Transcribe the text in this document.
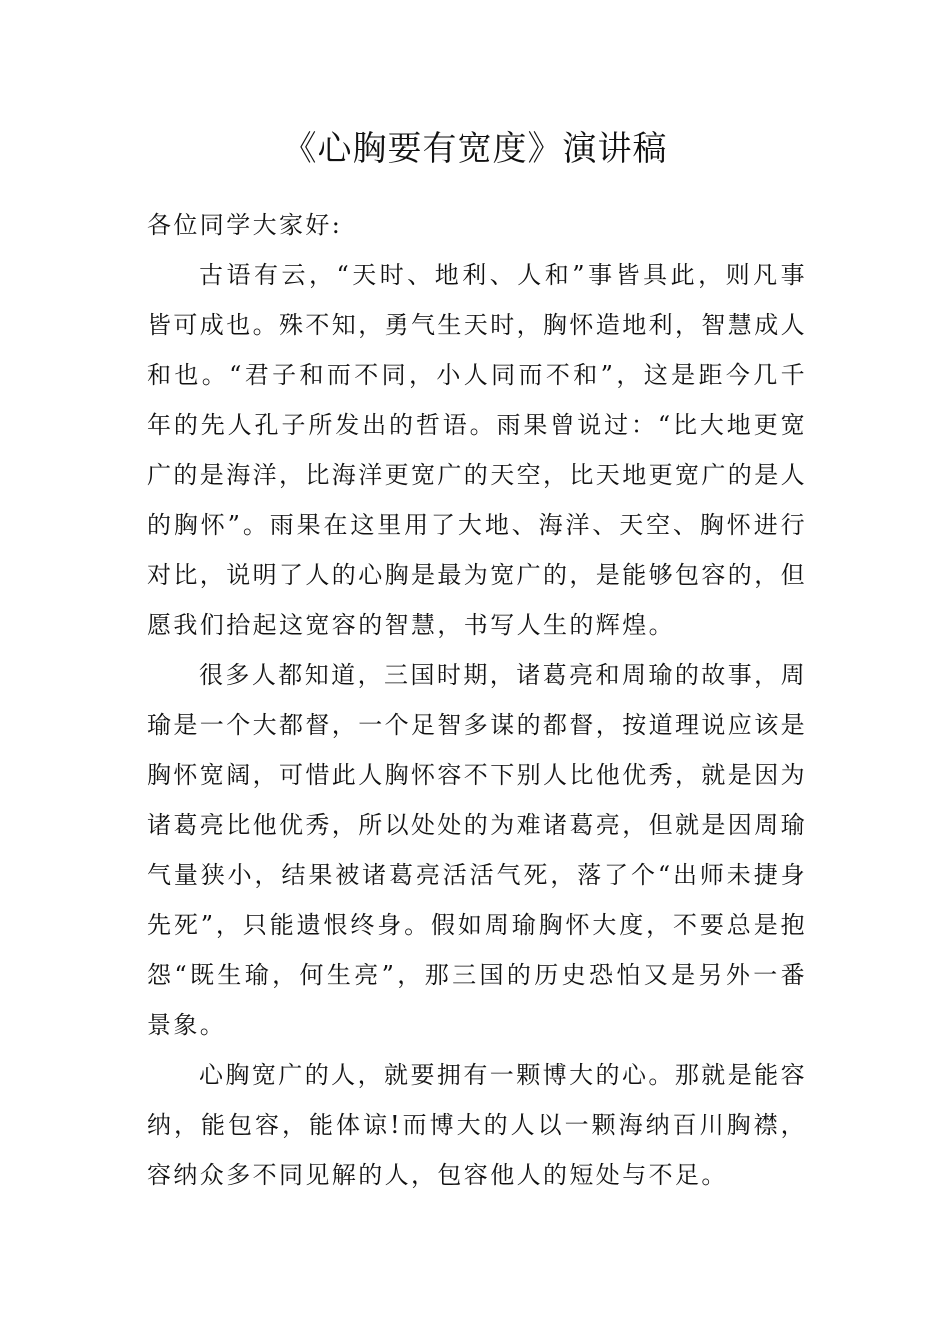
《心胸要有宽度》演讲稿

各位同学大家好:

古语有云，“天时、地利、人和”事皆具此，则凡事皆可成也。殊不知，勇气生天时，胸怀造地利，智慧成人和也。“君子和而不同，小人同而不和”，这是距今几千年的先人孔子所发出的哲语。雨果曾说过：“比大地更宽广的是海洋，比海洋更宽广的天空，比天地更宽广的是人的胸怀”。雨果在这里用了大地、海洋、天空、胸怀进行对比，说明了人的心胸是最为宽广的，是能够包容的，但愿我们拾起这宽容的智慧，书写人生的辉煌。

很多人都知道，三国时期，诸葛亮和周瑜的故事，周瑜是一个大都督，一个足智多谋的都督，按道理说应该是胸怀宽阔，可惜此人胸怀容不下别人比他优秀，就是因为诸葛亮比他优秀，所以处处的为难诸葛亮，但就是因周瑜气量狭小，结果被诸葛亮活活气死，落了个“出师未捷身先死”，只能遗恨终身。假如周瑜胸怀大度，不要总是抱怨“既生瑜，何生亮”，那三国的历史恐怕又是另外一番景象。

心胸宽广的人，就要拥有一颗博大的心。那就是能容纳，能包容，能体谅!而博大的人以一颗海纳百川胸襟，容纳众多不同见解的人，包容他人的短处与不足。
